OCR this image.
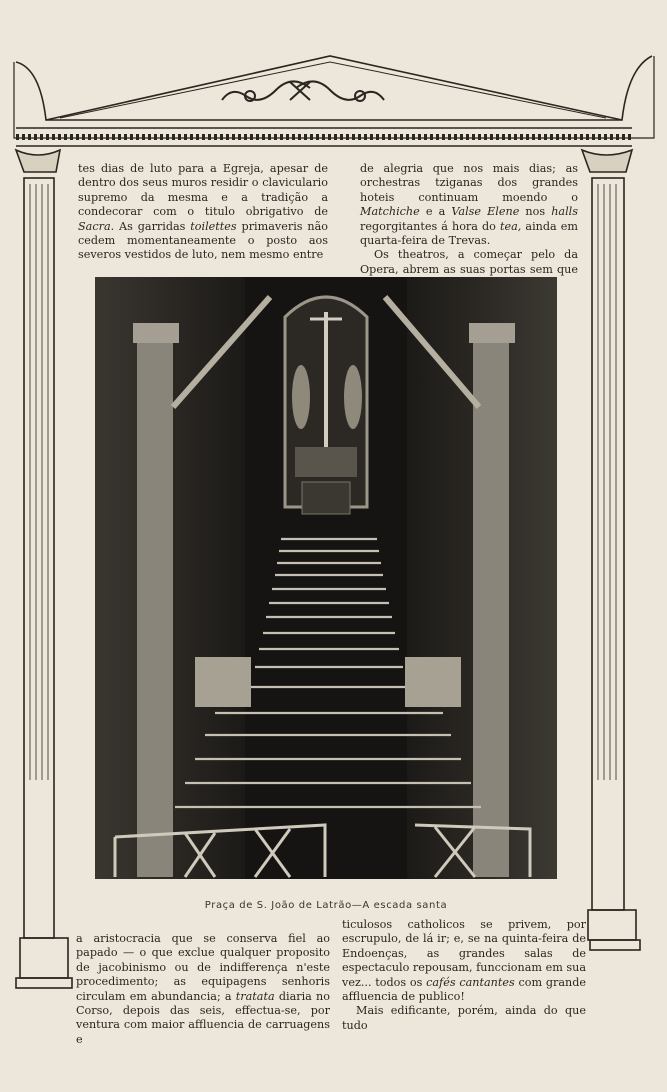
tes dias de luto para a Egreja, apesar de dentro dos seus muros residir o claviculario supremo da mesma e a tradição a condecorar com o titulo obrigativo de Sacra. As garridas toilettes primaveris não cedem momentaneamente o posto aos severos vestidos de luto, nem mesmo entre

de alegria que nos mais dias; as orchestras tziganas dos grandes hoteis continuam moendo o Matchiche e a Valse Elene nos halls regorgitantes á hora do tea, ainda em quarta-feira de Trevas.

Os theatros, a começar pelo da Opera, abrem as suas portas sem que

Praça de S. João de Latrão—A escada santa

a aristocracia que se conserva fiel ao papado — o que exclue qualquer proposito de jacobinismo ou de indifferença n'este procedimento; as equipagens senhoris circulam em abundancia; a tratata diaria no Corso, depois das seis, effectua-se, por ventura com maior affluencia de carruagens e

ticulosos catholicos se privem, por escrupulo, de lá ir; e, se na quinta-feira de Endoenças, as grandes salas de espectaculo repousam, funccionam em sua vez... todos os cafés cantantes com grande affluencia de publico!

Mais edificante, porém, ainda do que tudo
